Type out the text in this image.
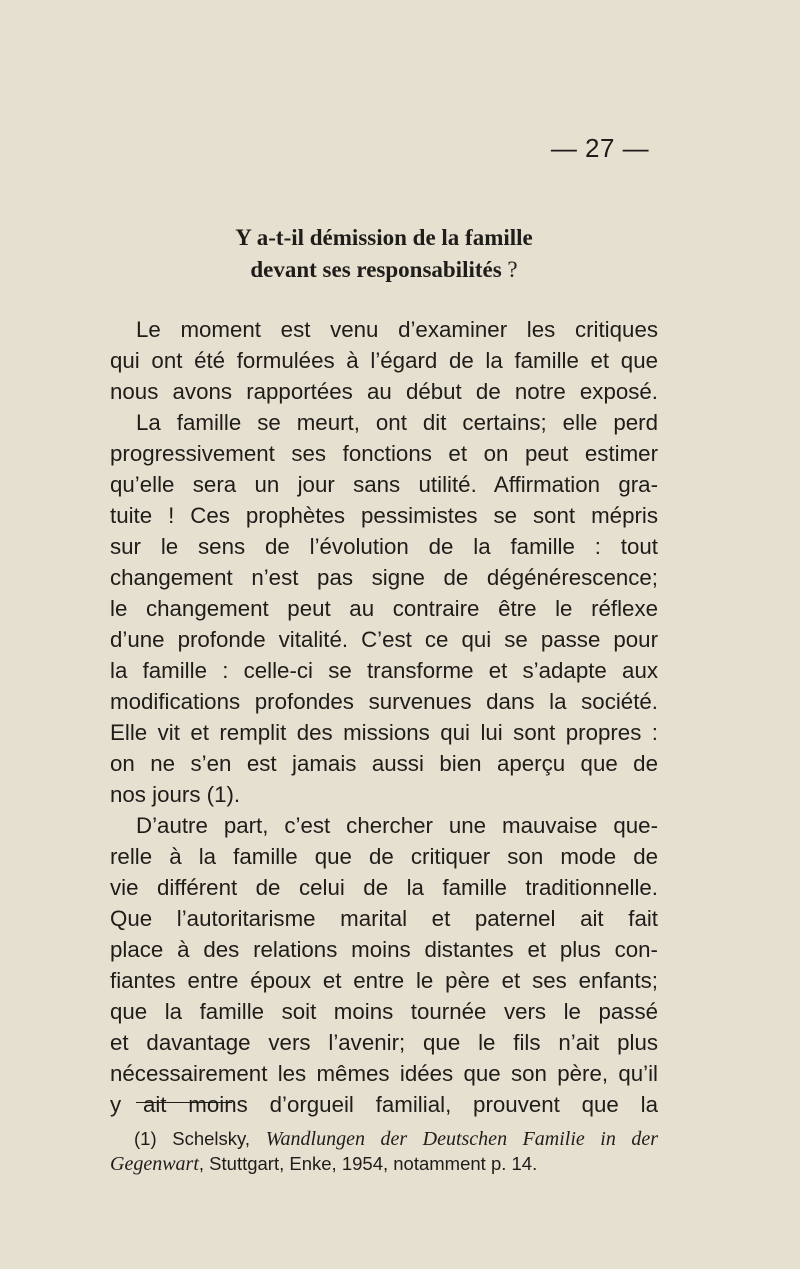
— 27 —
Y a-t-il démission de la famille
devant ses responsabilités ?
Le moment est venu d’examiner les critiques
qui ont été formulées à l’égard de la famille et que
nous avons rapportées au début de notre exposé.
La famille se meurt, ont dit certains; elle perd
progressivement ses fonctions et on peut estimer
qu’elle sera un jour sans utilité. Affirmation gra-
tuite ! Ces prophètes pessimistes se sont mépris
sur le sens de l’évolution de la famille : tout
changement n’est pas signe de dégénérescence;
le changement peut au contraire être le réflexe
d’une profonde vitalité. C’est ce qui se passe pour
la famille : celle-ci se transforme et s’adapte aux
modifications profondes survenues dans la société.
Elle vit et remplit des missions qui lui sont propres :
on ne s’en est jamais aussi bien aperçu que de
nos jours (1).
D’autre part, c’est chercher une mauvaise que-
relle à la famille que de critiquer son mode de
vie différent de celui de la famille traditionnelle.
Que l’autoritarisme marital et paternel ait fait
place à des relations moins distantes et plus con-
fiantes entre époux et entre le père et ses enfants;
que la famille soit moins tournée vers le passé
et davantage vers l’avenir; que le fils n’ait plus
nécessairement les mêmes idées que son père, qu’il
y ait moins d’orgueil familial, prouvent que la
(1) Schelsky, Wandlungen der Deutschen Familie in der
Gegenwart, Stuttgart, Enke, 1954, notamment p. 14.
